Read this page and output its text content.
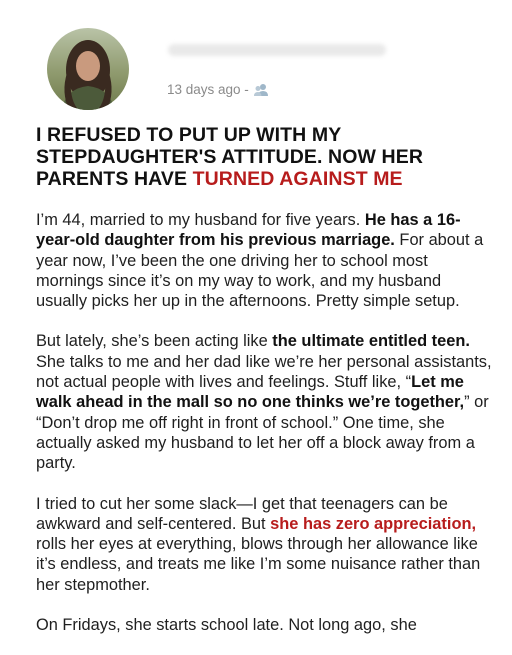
13 days ago -
I REFUSED TO PUT UP WITH MY STEPDAUGHTER'S ATTITUDE. NOW HER PARENTS HAVE TURNED AGAINST ME

I’m 44, married to my husband for five years. He has a 16-year-old daughter from his previous marriage. For about a year now, I’ve been the one driving her to school most mornings since it’s on my way to work, and my husband usually picks her up in the afternoons. Pretty simple setup.

But lately, she’s been acting like the ultimate entitled teen. She talks to me and her dad like we’re her personal assistants, not actual people with lives and feelings. Stuff like, “Let me walk ahead in the mall so no one thinks we’re together,” or “Don’t drop me off right in front of school.” One time, she actually asked my husband to let her off a block away from a party.

I tried to cut her some slack—I get that teenagers can be awkward and self-centered. But she has zero appreciation, rolls her eyes at everything, blows through her allowance like it’s endless, and treats me like I’m some nuisance rather than her stepmother.

On Fridays, she starts school late. Not long ago, she
